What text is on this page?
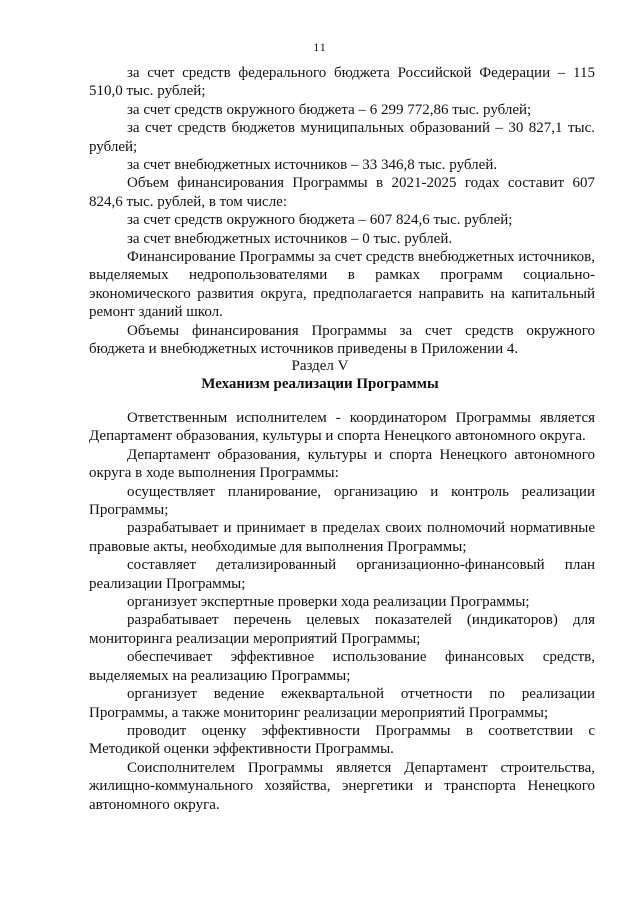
11

за счет средств федерального бюджета Российской Федерации – 115 510,0 тыс. рублей;

за счет средств окружного бюджета – 6 299 772,86 тыс. рублей;

за счет средств бюджетов муниципальных образований – 30 827,1 тыс. рублей;

за счет внебюджетных источников – 33 346,8 тыс. рублей.

Объем финансирования Программы в 2021-2025 годах составит 607 824,6 тыс. рублей, в том числе:

за счет средств окружного бюджета – 607 824,6 тыс. рублей;

за счет внебюджетных источников – 0 тыс. рублей.

Финансирование Программы за счет средств внебюджетных источников, выделяемых недропользователями в рамках программ социально-экономического развития округа, предполагается направить на капитальный ремонт зданий школ.

Объемы финансирования Программы за счет средств окружного бюджета и внебюджетных источников приведены в Приложении 4.

Раздел V
Механизм реализации Программы

Ответственным исполнителем - координатором Программы является Департамент образования, культуры и спорта Ненецкого автономного округа.

Департамент образования, культуры и спорта Ненецкого автономного округа в ходе выполнения Программы:

осуществляет планирование, организацию и контроль реализации Программы;

разрабатывает и принимает в пределах своих полномочий нормативные правовые акты, необходимые для выполнения Программы;

составляет детализированный организационно-финансовый план реализации Программы;

организует экспертные проверки хода реализации Программы;

разрабатывает перечень целевых показателей (индикаторов) для мониторинга реализации мероприятий Программы;

обеспечивает эффективное использование финансовых средств, выделяемых на реализацию Программы;

организует ведение ежеквартальной отчетности по реализации Программы, а также мониторинг реализации мероприятий Программы;

проводит оценку эффективности Программы в соответствии с Методикой оценки эффективности Программы.

Соисполнителем Программы является Департамент строительства, жилищно-коммунального хозяйства, энергетики и транспорта Ненецкого автономного округа.
